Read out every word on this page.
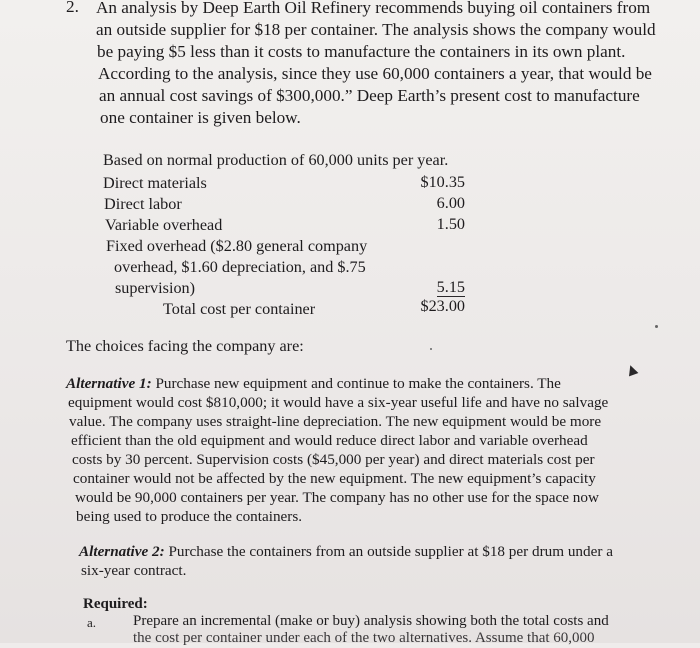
2. An analysis by Deep Earth Oil Refinery recommends buying oil containers from
an outside supplier for $18 per container. The analysis shows the company would
be paying $5 less than it costs to manufacture the containers in its own plant.
According to the analysis, since they use 60,000 containers a year, that would be
an annual cost savings of $300,000.” Deep Earth’s present cost to manufacture
one container is given below.
Based on normal production of 60,000 units per year.
Direct materials	$10.35
Direct labor	6.00
Variable overhead	1.50
Fixed overhead ($2.80 general company
overhead, $1.60 depreciation, and $.75
supervision)	5.15
Total cost per container	$23.00
The choices facing the company are:
Alternative 1: Purchase new equipment and continue to make the containers. The
equipment would cost $810,000; it would have a six-year useful life and have no salvage
value. The company uses straight-line depreciation. The new equipment would be more
efficient than the old equipment and would reduce direct labor and variable overhead
costs by 30 percent. Supervision costs ($45,000 per year) and direct materials cost per
container would not be affected by the new equipment. The new equipment’s capacity
would be 90,000 containers per year. The company has no other use for the space now
being used to produce the containers.
Alternative 2: Purchase the containers from an outside supplier at $18 per drum under a
six-year contract.
Required:
a. Prepare an incremental (make or buy) analysis showing both the total costs and
the cost per container under each of the two alternatives. Assume that 60,000
